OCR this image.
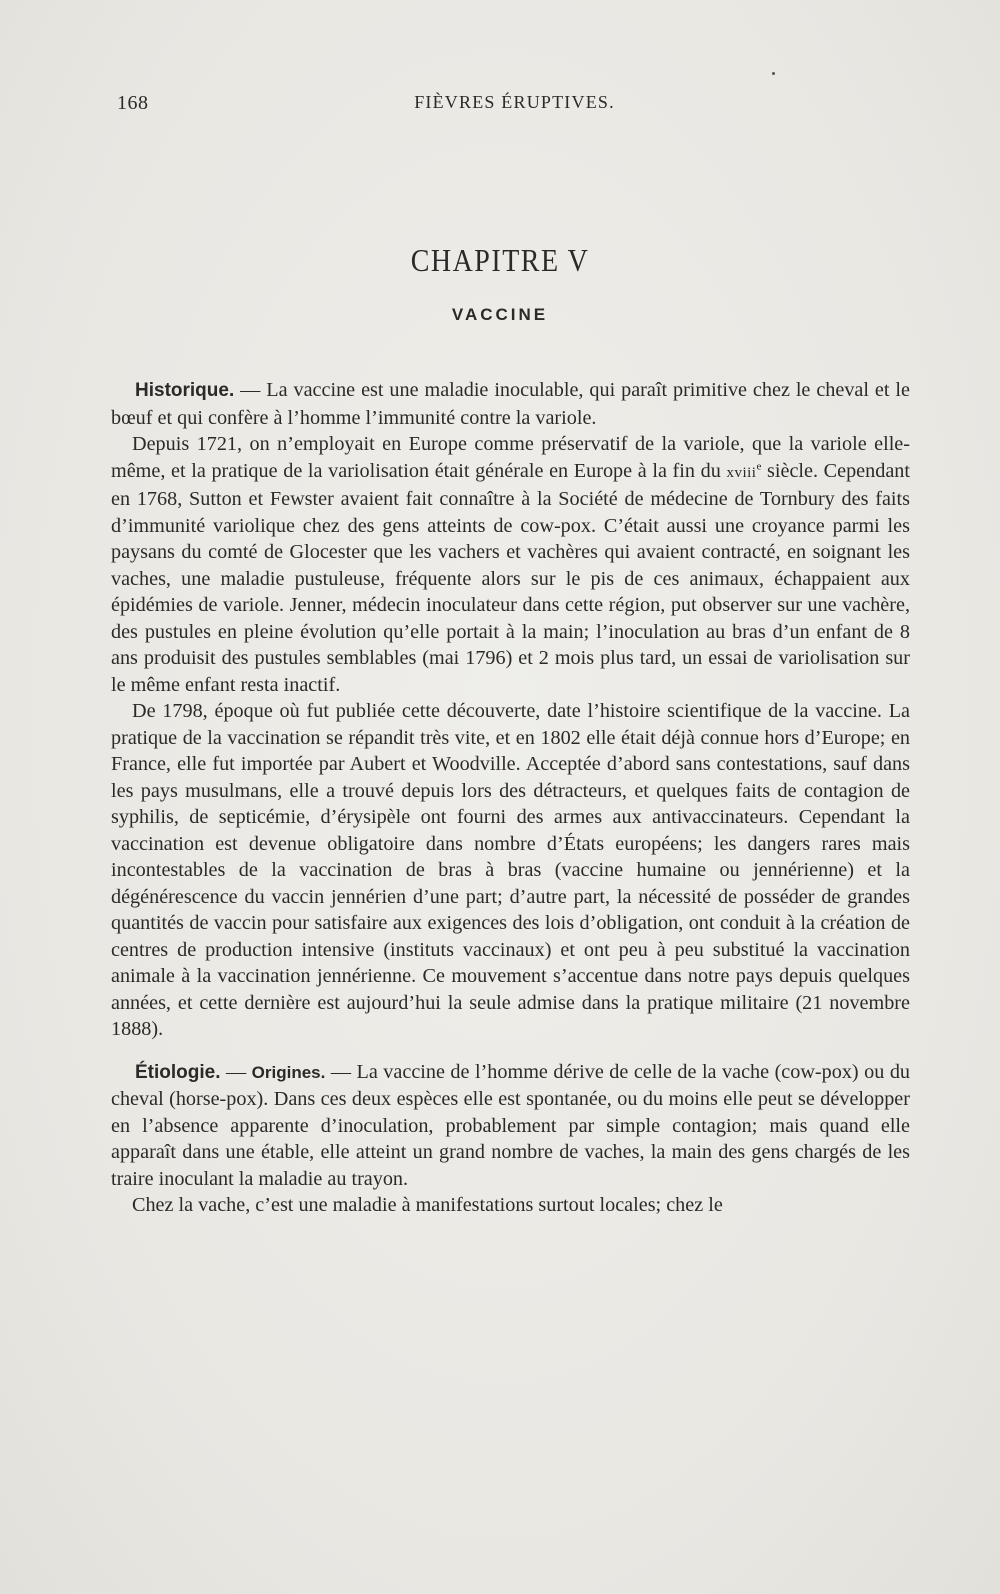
168	FIÈVRES ÉRUPTIVES.
CHAPITRE V
VACCINE

Historique. — La vaccine est une maladie inoculable, qui paraît primitive chez le cheval et le bœuf et qui confère à l’homme l’immunité contre la variole.

Depuis 1721, on n’employait en Europe comme préservatif de la variole, que la variole elle-même, et la pratique de la variolisation était générale en Europe à la fin du xviii$^e$ siècle. Cependant en 1768, Sutton et Fewster avaient fait connaître à la Société de médecine de Tornbury des faits d’immunité variolique chez des gens atteints de cow-pox. C’était aussi une croyance parmi les paysans du comté de Glocester que les vachers et vachères qui avaient contracté, en soignant les vaches, une maladie pustuleuse, fréquente alors sur le pis de ces animaux, échappaient aux épidémies de variole. Jenner, médecin inoculateur dans cette région, put observer sur une vachère, des pustules en pleine évolution qu’elle portait à la main; l’inoculation au bras d’un enfant de 8 ans produisit des pustules semblables (mai 1796) et 2 mois plus tard, un essai de variolisation sur le même enfant resta inactif.

De 1798, époque où fut publiée cette découverte, date l’histoire scientifique de la vaccine. La pratique de la vaccination se répandit très vite, et en 1802 elle était déjà connue hors d’Europe; en France, elle fut importée par Aubert et Woodville. Acceptée d’abord sans contestations, sauf dans les pays musulmans, elle a trouvé depuis lors des détracteurs, et quelques faits de contagion de syphilis, de septicémie, d’érysipèle ont fourni des armes aux antivaccinateurs. Cependant la vaccination est devenue obligatoire dans nombre d’États européens; les dangers rares mais incontestables de la vaccination de bras à bras (vaccine humaine ou jennérienne) et la dégénérescence du vaccin jennérien d’une part; d’autre part, la nécessité de posséder de grandes quantités de vaccin pour satisfaire aux exigences des lois d’obligation, ont conduit à la création de centres de production intensive (instituts vaccinaux) et ont peu à peu substitué la vaccination animale à la vaccination jennérienne. Ce mouvement s’accentue dans notre pays depuis quelques années, et cette dernière est aujourd’hui la seule admise dans la pratique militaire (21 novembre 1888).

Étiologie. — Origines. — La vaccine de l’homme dérive de celle de la vache (cow-pox) ou du cheval (horse-pox). Dans ces deux espèces elle est spontanée, ou du moins elle peut se développer en l’absence apparente d’inoculation, probablement par simple contagion; mais quand elle apparaît dans une étable, elle atteint un grand nombre de vaches, la main des gens chargés de les traire inoculant la maladie au trayon.

Chez la vache, c’est une maladie à manifestations surtout locales; chez le
